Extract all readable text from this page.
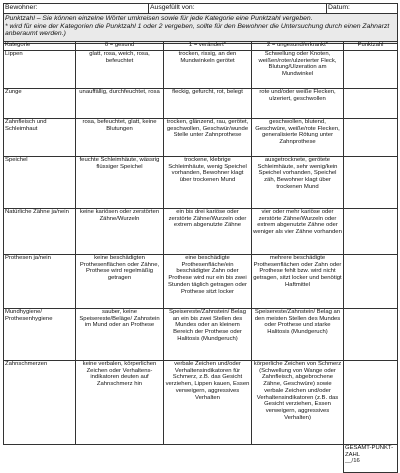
Bewohner:	Ausgefüllt von:	Datum:
Punktzahl – Sie können einzelne Wörter umkreisen sowie für jede Kategorie eine Punktzahl vergeben.
* wird für eine der Kategorien die Punktzahl 1 oder 2 vergeben, sollte für den Bewohner die Untersuchung durch einen Zahnarzt anberaumt werden.)
Kategorie	0 = gesund	1 = verändert*	2 = ungesund/erkrankt*	Punktzahl
Lippen	glatt, rosa, weich, rosa, befeuchtet	trocken, rissig, an den Mundwinkeln gerötet	Schwellung oder Knoten, weißen/roter/ulzerierter Fleck, Blutung/Ulzeration am Mundwinkel	
Zunge	unauffällig, durchfeuchtet, rosa	fleckig, gefurcht, rot, belegt	rote und/oder weiße Flecken, ulzeriert, geschwollen	
Zahnfleisch und Schleimhaut	rosa, befeuchtet, glatt, keine Blutungen	trocken, glänzend, rau, gerötet, geschwollen, Geschwür/wunde Stelle unter Zahnprothese	geschwollen, blutend, Geschwüre, weiße/rote Flecken, generalisierte Rötung unter Zahnprothese	
Speichel	feuchte Schleimhäute, wässrig flüssiger Speichel	trockene, klebrige Schleimhäute, wenig Speichel vorhanden, Bewohner klagt über trockenen Mund	ausgetrocknete, gerötete Schleimhäute, sehr wenig/kein Speichel vorhanden, Speichel zäh, Bewohner klagt über trockenen Mund	
Natürliche Zähne ja/nein	keine kariösen oder zerstörten Zähne/Wurzeln	ein bis drei kariöse oder zerstörte Zähne/Wurzeln oder extrem abgenutzte Zähne	vier oder mehr kariöse oder zerstörte Zähne/Wurzeln oder extrem abgenutzte Zähne oder weniger als vier Zähne vorhanden	
Prothesen ja/nein	keine beschädigten Prothesenflächen oder Zähne, Prothese wird regelmäßig getragen	eine beschädigte Prothesenfläche/ein beschädigter Zahn oder Prothese wird nur ein bis zwei Stunden täglich getragen oder Prothese sitzt locker	mehrere beschädigte Prothesenflächen oder Zahn oder Prothese fehlt bzw. wird nicht getragen, sitzt locker und benötigt Haftmittel	
Mundhygiene/ Prothesenhygiene	sauber, keine Speisereste/Beläge/ Zahnstein im Mund oder an Prothese	Speisereste/Zahnstein/ Belag an ein bis zwei Stellen des Mundes oder an kleinem Bereich der Prothese oder Halitosis (Mundgeruch)	Speisereste/Zahnstein/ Belag an den meisten Stellen des Mundes oder Prothese und starke Halitosis (Mundgeruch)	
Zahnschmerzen	keine verbalen, körperlichen Zeichen oder Verhaltens-indikatoren deuten auf Zahnschmerz hin	verbale Zeichen und/oder Verhaltensindikatoren für Schmerz, z.B. das Gesicht verziehen, Lippen kauen, Essen verweigern, aggressives Verhalten	körperliche Zeichen von Schmerz (Schwellung von Wange oder Zahnfleisch, abgebrochene Zähne, Geschwüre) sowie verbale Zeichen und/oder Verhaltensindikatoren (z.B. das Gesicht verziehen, Essen verweigern, aggressives Verhalten)	
				GESAMT-PUNKT-ZAHL
__/16
